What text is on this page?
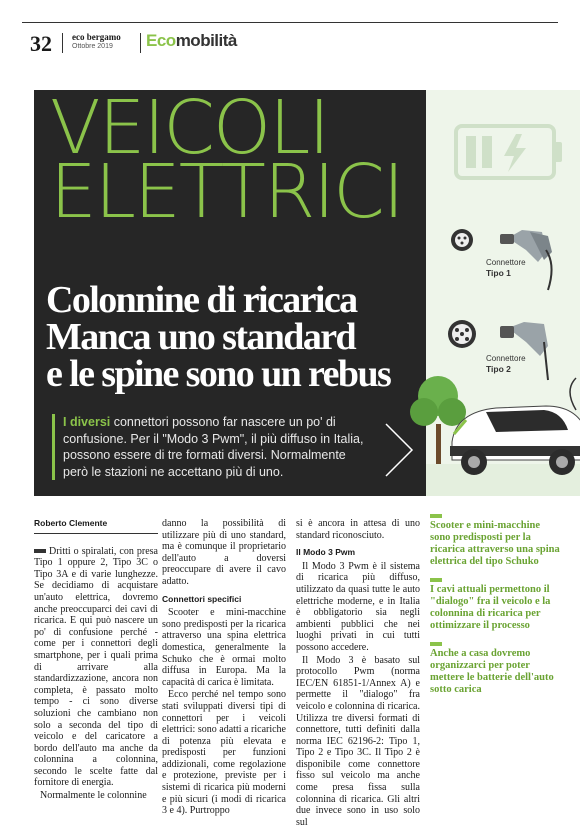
32 eco bergamo
Ottobre 2019 Ecomobilità
VEICOLI
ELETTRICI
Colonnine di ricarica
Manca uno standard
e le spine sono un rebus
I diversi connettori possono far nascere un po' di confusione. Per il "Modo 3 Pwm", il più diffuso in Italia, possono essere di tre formati diversi. Normalmente però le stazioni ne accettano più di uno.
Connettore
Tipo 1
Connettore
Tipo 2
Roberto Clemente

Dritti o spiralati, con presa Tipo 1 oppure 2, Tipo 3C o Tipo 3A e di varie lunghezze. Se decidiamo di acquistare un'auto elettrica, dovremo anche preoccuparci dei cavi di ricarica. E qui può nascere un po' di confusione perché - come per i connettori degli smartphone, per i quali prima di arrivare alla standardizzazione, ancora non completa, è passato molto tempo - ci sono diverse soluzioni che cambiano non solo a seconda del tipo di veicolo e del caricatore a bordo dell'auto ma anche da colonnina a colonnina, secondo le scelte fatte dal fornitore di energia.

Normalmente le colonnine

danno la possibilità di utilizzare più di uno standard, ma è comunque il proprietario dell'auto a doversi preoccupare di avere il cavo adatto.

Connettori specifici

Scooter e mini-macchine sono predisposti per la ricarica attraverso una spina elettrica domestica, generalmente la Schuko che è ormai molto diffusa in Europa. Ma la capacità di carica è limitata.

Ecco perché nel tempo sono stati sviluppati diversi tipi di connettori per i veicoli elettrici: sono adatti a ricariche di potenza più elevata e predisposti per funzioni addizionali, come regolazione e protezione, previste per i sistemi di ricarica più moderni e più sicuri (i modi di ricarica 3 e 4). Purtroppo

si è ancora in attesa di uno standard riconosciuto.

Il Modo 3 Pwm

Il Modo 3 Pwm è il sistema di ricarica più diffuso, utilizzato da quasi tutte le auto elettriche moderne, e in Italia è obbligatorio sia negli ambienti pubblici che nei luoghi privati in cui tutti possono accedere.

Il Modo 3 è basato sul protocollo Pwm (norma IEC/EN 61851-1/Annex A) e permette il "dialogo" fra veicolo e colonnina di ricarica. Utilizza tre diversi formati di connettore, tutti definiti dalla norma IEC 62196-2: Tipo 1, Tipo 2 e Tipo 3C. Il Tipo 2 è disponibile come connettore fisso sul veicolo ma anche come presa fissa sulla colonnina di ricarica. Gli altri due invece sono in uso solo sul

Scooter e mini-macchine sono predisposti per la ricarica attraverso una spina elettrica del tipo Schuko
I cavi attuali permettono il "dialogo" fra il veicolo e la colonnina di ricarica per ottimizzare il processo
Anche a casa dovremo organizzarci per poter mettere le batterie dell'auto sotto carica
